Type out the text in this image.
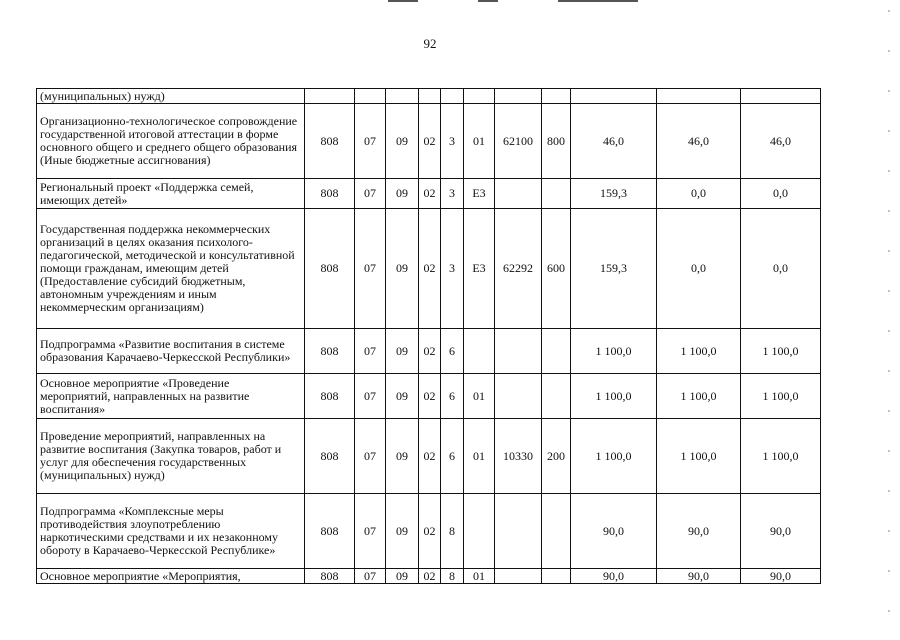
92
(муниципальных) нужд)											
Организационно-технологическое сопровождение государственной итоговой аттестации в форме основного общего и среднего общего образования (Иные бюджетные ассигнования)	808	07	09	02	3	01	62100	800	46,0	46,0	46,0
Региональный проект «Поддержка семей, имеющих детей»	808	07	09	02	3	Е3			159,3	0,0	0,0
Государственная поддержка некоммерческих организаций в целях оказания психолого-педагогической, методической и консультативной помощи гражданам, имеющим детей (Предоставление субсидий бюджетным, автономным учреждениям и иным некоммерческим организациям)	808	07	09	02	3	Е3	62292	600	159,3	0,0	0,0
Подпрограмма «Развитие воспитания в системе образования Карачаево-Черкесской Республики»	808	07	09	02	6				1 100,0	1 100,0	1 100,0
Основное мероприятие «Проведение мероприятий, направленных на развитие воспитания»	808	07	09	02	6	01			1 100,0	1 100,0	1 100,0
Проведение мероприятий, направленных на развитие воспитания (Закупка товаров, работ и услуг для обеспечения государственных (муниципальных) нужд)	808	07	09	02	6	01	10330	200	1 100,0	1 100,0	1 100,0
Подпрограмма «Комплексные меры противодействия злоупотреблению наркотическими средствами и их незаконному обороту в Карачаево-Черкесской Республике»	808	07	09	02	8				90,0	90,0	90,0
Основное мероприятие «Мероприятия,	808	07	09	02	8	01			90,0	90,0	90,0
